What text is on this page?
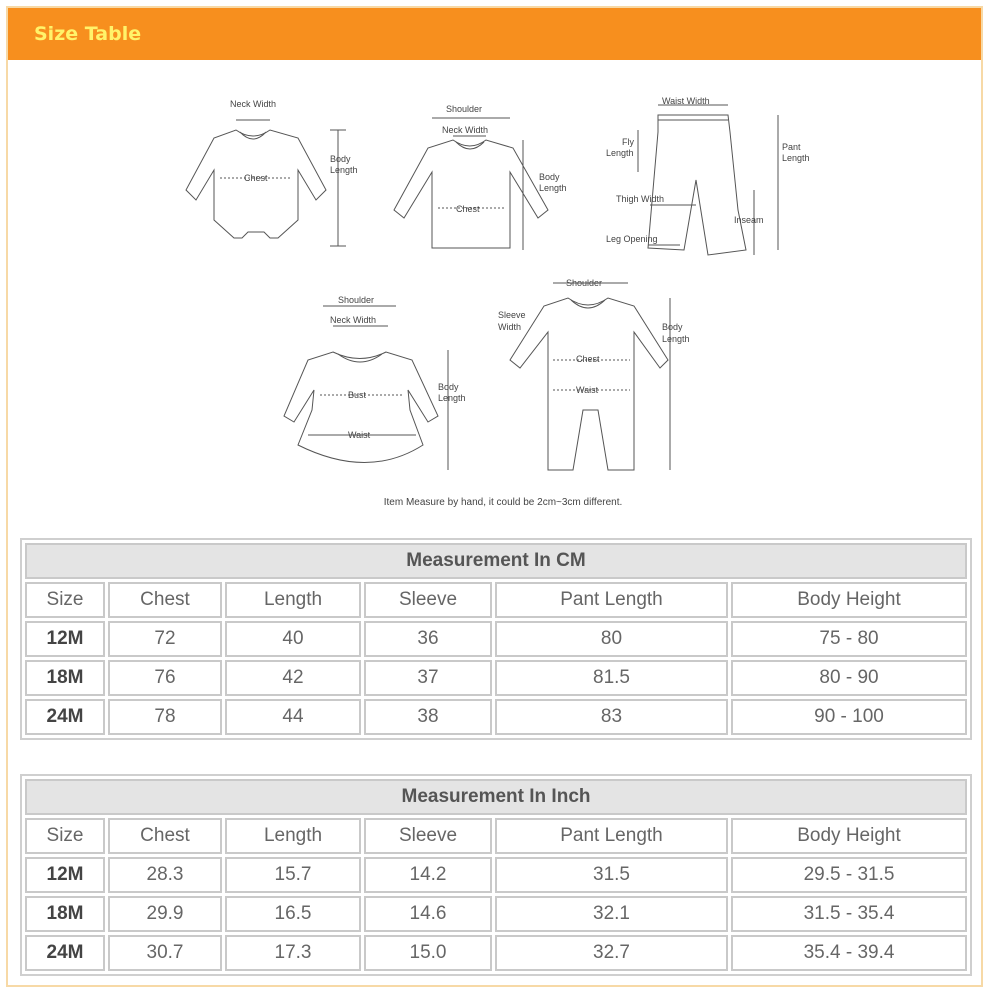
Size Table
Neck Width
Chest
Body
Length
Shoulder
Neck Width
Chest
Body
Length
Waist Width
Fly
Length
Pant
Length
Thigh Width
Leg Opening
Inseam
Shoulder
Neck Width
Bust
Waist
Body
Length
Shoulder
Sleeve
Width
Chest
Waist
Body
Length
Item Measure by hand, it could be 2cm~3cm different.
Measurement In CM					
Size	Chest	Length	Sleeve	Pant Length	Body Height
12M	72	40	36	80	75 - 80
18M	76	42	37	81.5	80 - 90
24M	78	44	38	83	90 - 100
Measurement In Inch					
Size	Chest	Length	Sleeve	Pant Length	Body Height
12M	28.3	15.7	14.2	31.5	29.5 - 31.5
18M	29.9	16.5	14.6	32.1	31.5 - 35.4
24M	30.7	17.3	15.0	32.7	35.4 - 39.4
